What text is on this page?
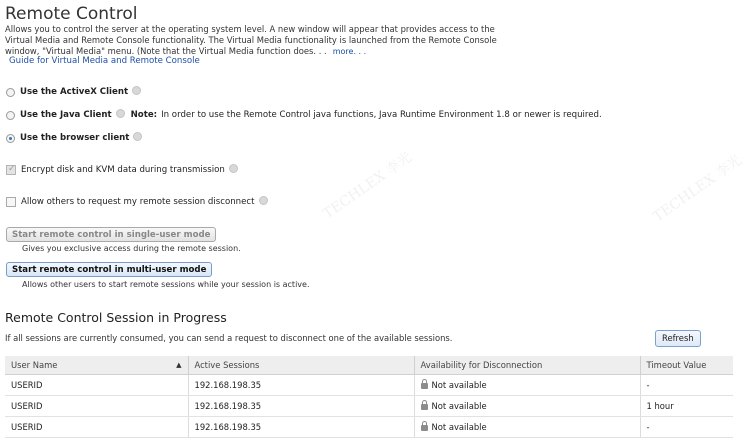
TECHLEX 李光	TECHLEX 李光
Remote Control
Allows you to control the server at the operating system level. A new window will appear that provides access to the Virtual Media and Remote Console functionality. The Virtual Media functionality is launched from the Remote Console window, "Virtual Media" menu. (Note that the Virtual Media function does. . . more. . .
Guide for Virtual Media and Remote Console
Use the ActiveX Client
Use the Java Client Note: In order to use the Remote Control java functions, Java Runtime Environment 1.8 or newer is required.
Use the browser client
✓
Encrypt disk and KVM data during transmission
Allow others to request my remote session disconnect
Start remote control in single-user mode
Gives you exclusive access during the remote session.
Start remote control in multi-user mode
Allows other users to start remote sessions while your session is active.
Remote Control Session in Progress
If all sessions are currently consumed, you can send a request to disconnect one of the available sessions.	Refresh
User Name ▲	Active Sessions	Availability for Disconnection	Timeout Value
USERID	192.168.198.35	Not available	-
USERID	192.168.198.35	Not available	1 hour
USERID	192.168.198.35	Not available	-
